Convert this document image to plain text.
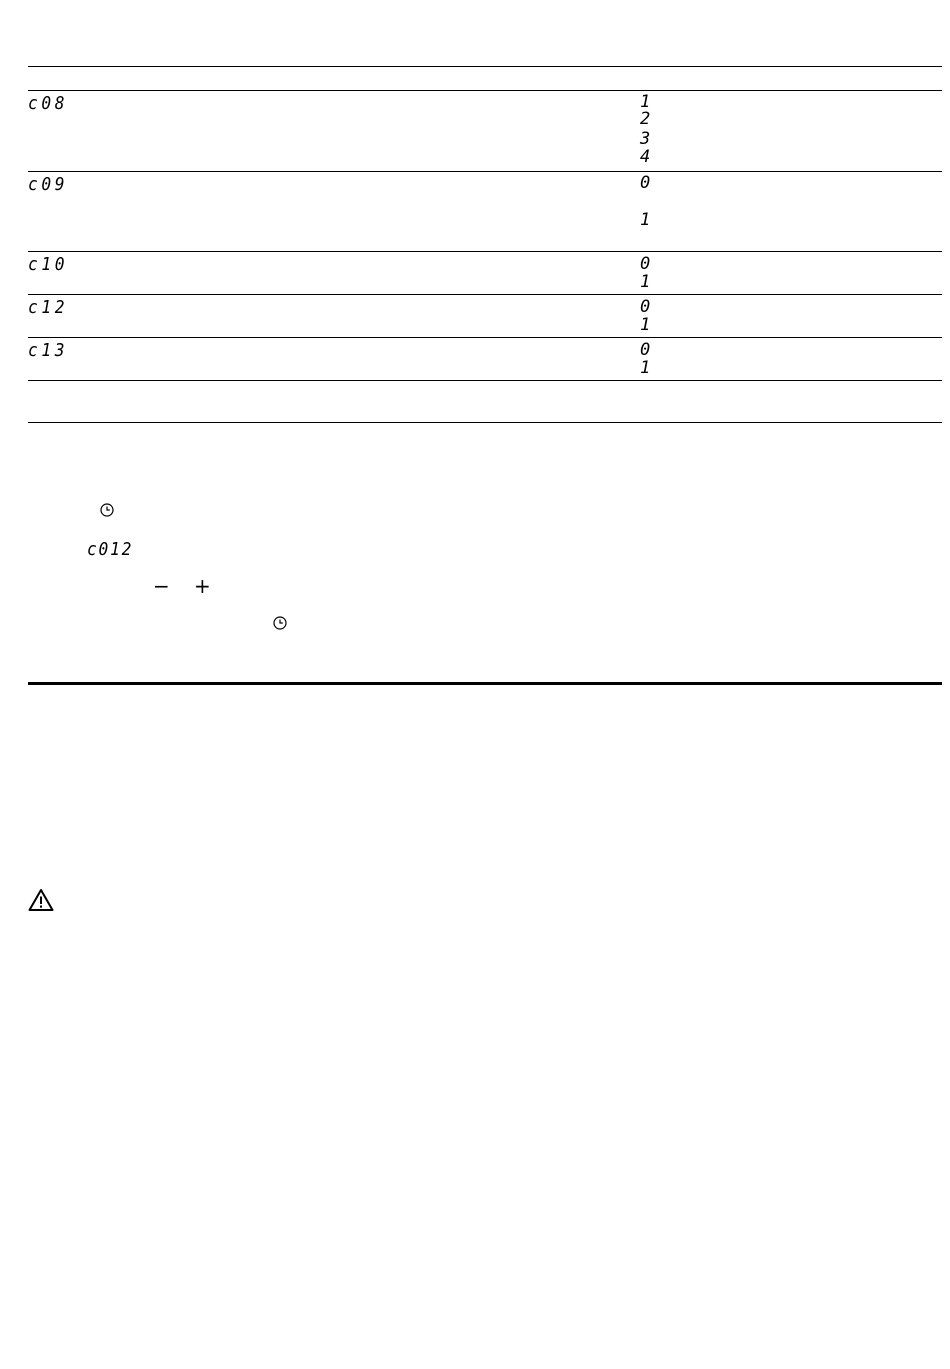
c08	1
2
3
4
c09	0
1
c10	0
1
c12	0
1
c13	0
1
c012
− +
